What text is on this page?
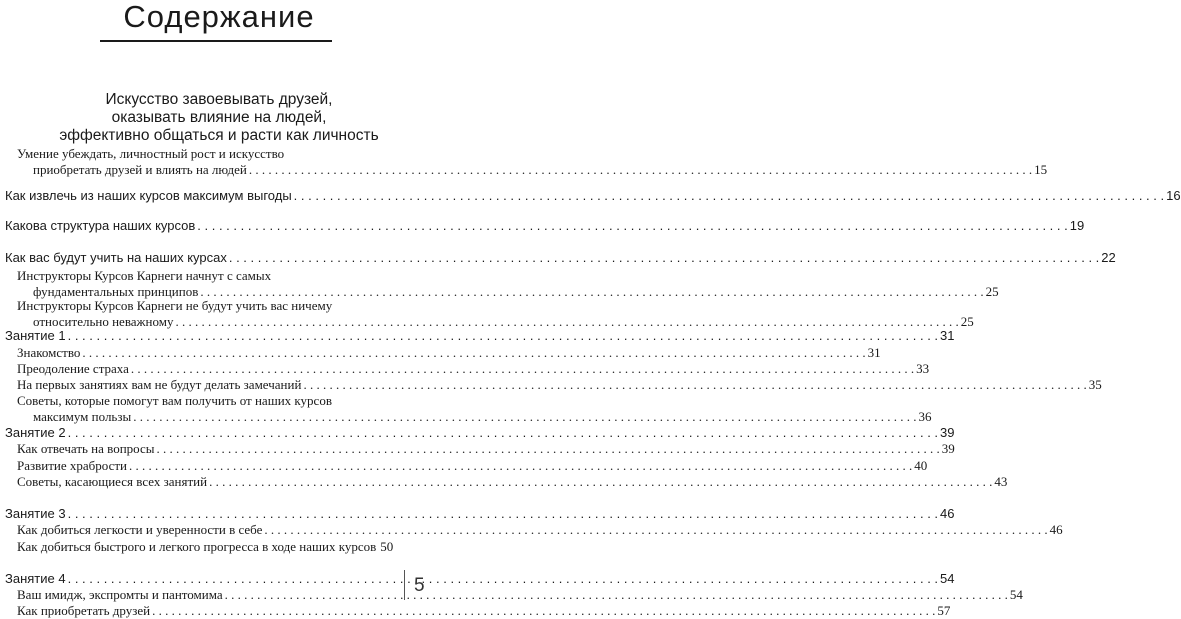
Содержание
Искусство завоевывать друзей,
оказывать влияние на людей,
эффективно общаться и расти как личность
Умение убеждать, личностный рост и искусство
приобретать друзей и влиять на людей . . .	15
Как извлечь из наших курсов максимум выгоды . . .	16
Какова структура наших курсов . . .	19
Как вас будут учить на наших курсах . . .	22
Инструкторы Курсов Карнеги начнут с самых
фундаментальных принципов . . .	25
Инструкторы Курсов Карнеги не будут учить вас ничему
относительно неважному . . .	25
Занятие 1 . . .	31
Знакомство . . .	31
Преодоление страха . . .	33
На первых занятиях вам не будут делать замечаний . . .	35
Советы, которые помогут вам получить от наших курсов
максимум пользы . . .	36
Занятие 2 . . .	39
Как отвечать на вопросы . . .	39
Развитие храбрости . . .	40
Советы, касающиеся всех занятий . . .	43
Занятие 3 . . .	46
Как добиться легкости и уверенности в себе . . .	46
Как добиться быстрого и легкого прогресса в ходе наших курсов 50
Занятие 4 . . .	54
Ваш имидж, экспромты и пантомима . . .	54
Как приобретать друзей . . .	57
5
